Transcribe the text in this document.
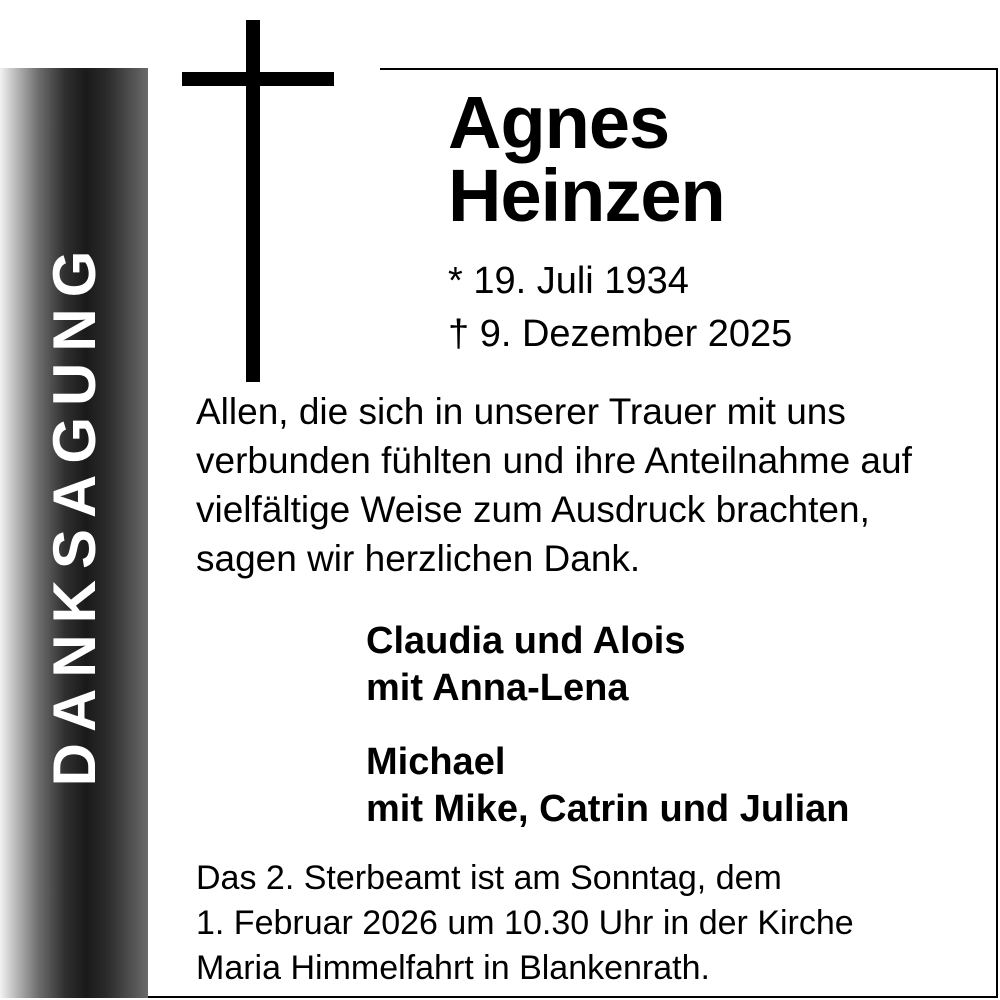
DANKSAGUNG
Agnes
Heinzen
* 19. Juli 1934
† 9. Dezember 2025

Allen, die sich in unserer Trauer mit uns

verbunden fühlten und ihre Anteilnahme auf

vielfältige Weise zum Ausdruck brachten,

sagen wir herzlichen Dank.

Claudia und Alois
mit Anna-Lena
Michael
mit Mike, Catrin und Julian

Das 2. Sterbeamt ist am Sonntag, dem

1. Februar 2026 um 10.30 Uhr in der Kirche

Maria Himmelfahrt in Blankenrath.
